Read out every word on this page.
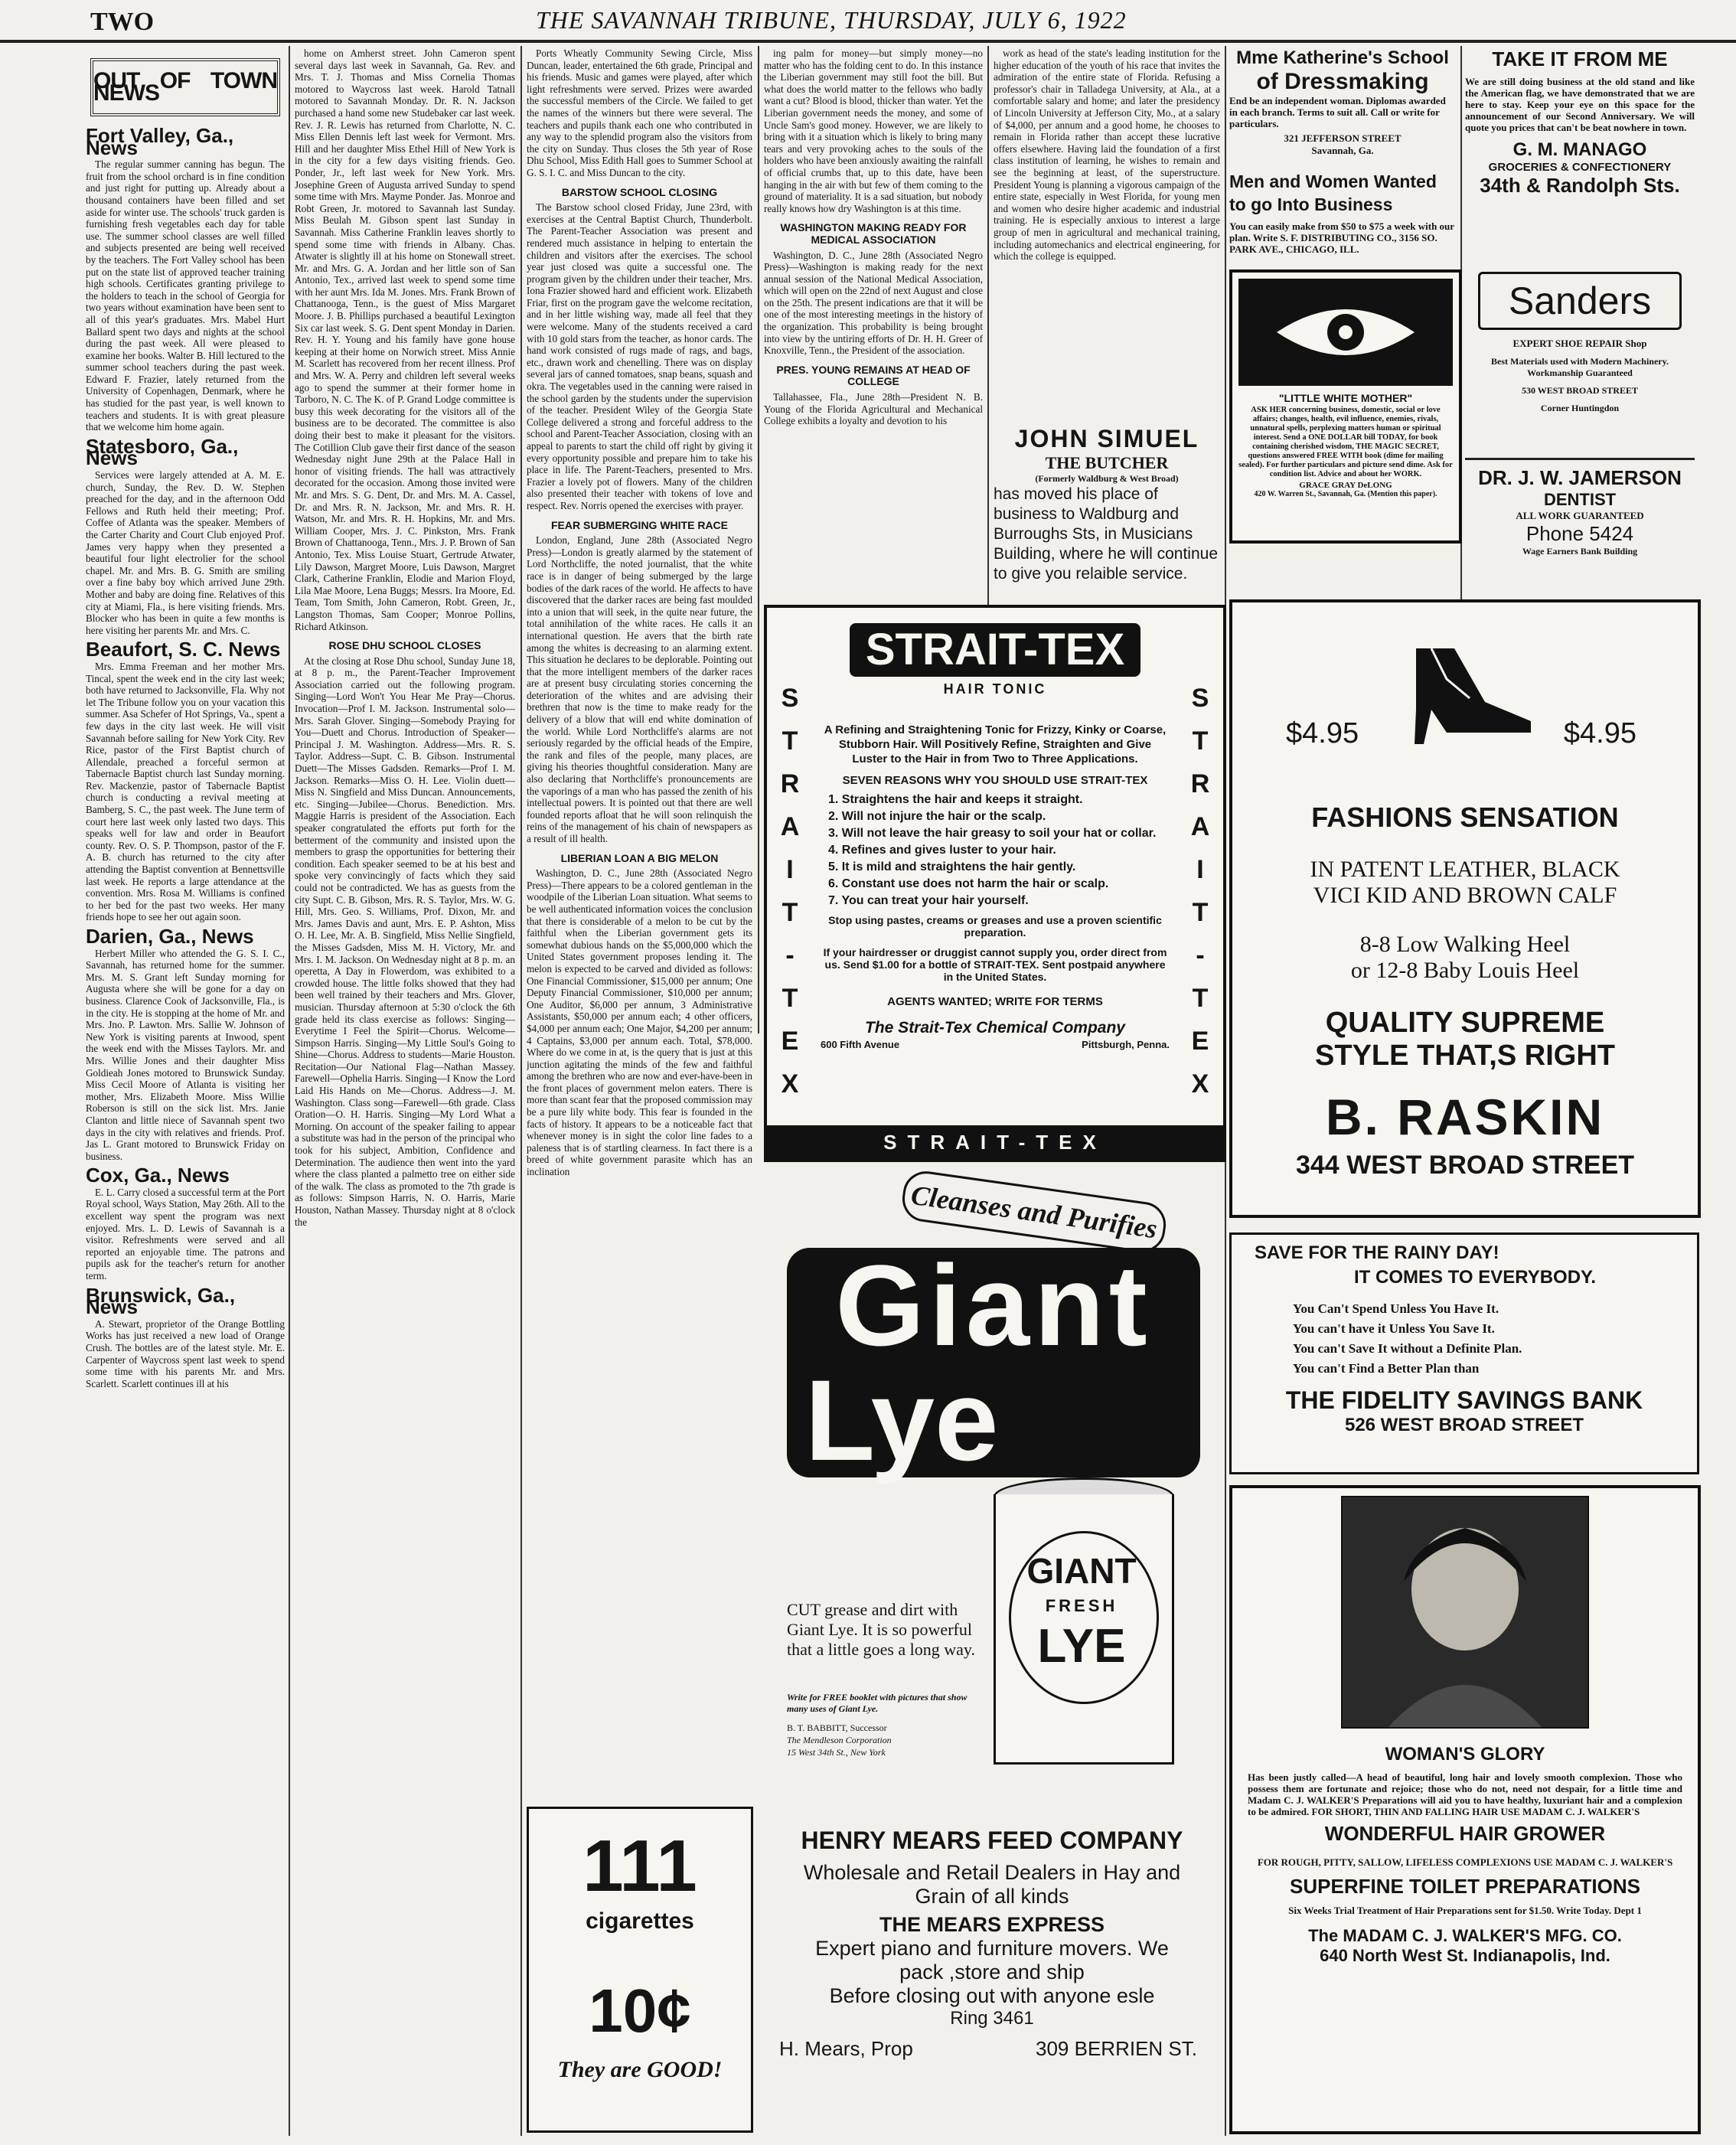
TWO	THE SAVANNAH TRIBUNE, THURSDAY, JULY 6, 1922
OUT OF TOWN NEWS
Fort Valley, Ga., News

The regular summer canning has begun. The fruit from the school orchard is in fine condition and just right for putting up. Already about a thousand containers have been filled and set aside for winter use. The schools' truck garden is furnishing fresh vegetables each day for table use. The summer school classes are well filled and subjects presented are being well received by the teachers. The Fort Valley school has been put on the state list of approved teacher training high schools. Certificates granting privilege to the holders to teach in the school of Georgia for two years without examination have been sent to all of this year's graduates. Mrs. Mabel Hurt Ballard spent two days and nights at the school during the past week. All were pleased to examine her books. Walter B. Hill lectured to the summer school teachers during the past week. Edward F. Frazier, lately returned from the University of Copenhagen, Denmark, where he has studied for the past year, is well known to teachers and students. It is with great pleasure that we welcome him home again.

Statesboro, Ga., News

Services were largely attended at A. M. E. church, Sunday, the Rev. D. W. Stephen preached for the day, and in the afternoon Odd Fellows and Ruth held their meeting; Prof. Coffee of Atlanta was the speaker. Members of the Carter Charity and Court Club enjoyed Prof. James very happy when they presented a beautiful four light electrolier for the school chapel. Mr. and Mrs. B. G. Smith are smiling over a fine baby boy which arrived June 29th. Mother and baby are doing fine. Relatives of this city at Miami, Fla., is here visiting friends. Mrs. Blocker who has been in quite a few months is here visiting her parents Mr. and Mrs. C.

Beaufort, S. C. News

Mrs. Emma Freeman and her mother Mrs. Tincal, spent the week end in the city last week; both have returned to Jacksonville, Fla. Why not let The Tribune follow you on your vacation this summer. Asa Schefer of Hot Springs, Va., spent a few days in the city last week. He will visit Savannah before sailing for New York City. Rev Rice, pastor of the First Baptist church of Allendale, preached a forceful sermon at Tabernacle Baptist church last Sunday morning. Rev. Mackenzie, pastor of Tabernacle Baptist church is conducting a revival meeting at Bamberg, S. C., the past week. The June term of court here last week only lasted two days. This speaks well for law and order in Beaufort county. Rev. O. S. P. Thompson, pastor of the F. A. B. church has returned to the city after attending the Baptist convention at Bennettsville last week. He reports a large attendance at the convention. Mrs. Rosa M. Williams is confined to her bed for the past two weeks. Her many friends hope to see her out again soon.

Darien, Ga., News

Herbert Miller who attended the G. S. I. C., Savannah, has returned home for the summer. Mrs. M. S. Grant left Sunday morning for Augusta where she will be gone for a day on business. Clarence Cook of Jacksonville, Fla., is in the city. He is stopping at the home of Mr. and Mrs. Jno. P. Lawton. Mrs. Sallie W. Johnson of New York is visiting parents at Inwood, spent the week end with the Misses Taylors. Mr. and Mrs. Willie Jones and their daughter Miss Goldieah Jones motored to Brunswick Sunday. Miss Cecil Moore of Atlanta is visiting her mother, Mrs. Elizabeth Moore. Miss Willie Roberson is still on the sick list. Mrs. Janie Clanton and little niece of Savannah spent two days in the city with relatives and friends. Prof. Jas L. Grant motored to Brunswick Friday on business.

Cox, Ga., News

E. L. Carry closed a successful term at the Port Royal school, Ways Station, May 26th. All to the excellent way spent the program was next enjoyed. Mrs. L. D. Lewis of Savannah is a visitor. Refreshments were served and all reported an enjoyable time. The patrons and pupils ask for the teacher's return for another term.

Brunswick, Ga., News

A. Stewart, proprietor of the Orange Bottling Works has just received a new load of Orange Crush. The bottles are of the latest style. Mr. E. Carpenter of Waycross spent last week to spend some time with his parents Mr. and Mrs. Scarlett. Scarlett continues ill at his

home on Amherst street. John Cameron spent several days last week in Savannah, Ga. Rev. and Mrs. T. J. Thomas and Miss Cornelia Thomas motored to Waycross last week. Harold Tatnall motored to Savannah Monday. Dr. R. N. Jackson purchased a hand some new Studebaker car last week. Rev. J. R. Lewis has returned from Charlotte, N. C. Miss Ellen Dennis left last week for Vermont. Mrs. Hill and her daughter Miss Ethel Hill of New York is in the city for a few days visiting friends. Geo. Ponder, Jr., left last week for New York. Mrs. Josephine Green of Augusta arrived Sunday to spend some time with Mrs. Mayme Ponder. Jas. Monroe and Robt Green, Jr. motored to Savannah last Sunday. Miss Beulah M. Gibson spent last Sunday in Savannah. Miss Catherine Franklin leaves shortly to spend some time with friends in Albany. Chas. Atwater is slightly ill at his home on Stonewall street. Mr. and Mrs. G. A. Jordan and her little son of San Antonio, Tex., arrived last week to spend some time with her aunt Mrs. Ida M. Jones. Mrs. Frank Brown of Chattanooga, Tenn., is the guest of Miss Margaret Moore. J. B. Phillips purchased a beautiful Lexington Six car last week. S. G. Dent spent Monday in Darien. Rev. H. Y. Young and his family have gone house keeping at their home on Norwich street. Miss Annie M. Scarlett has recovered from her recent illness. Prof and Mrs. W. A. Perry and children left several weeks ago to spend the summer at their former home in Tarboro, N. C. The K. of P. Grand Lodge committee is busy this week decorating for the visitors all of the business are to be decorated. The committee is also doing their best to make it pleasant for the visitors. The Cotillion Club gave their first dance of the season Wednesday night June 29th at the Palace Hall in honor of visiting friends. The hall was attractively decorated for the occasion. Among those invited were Mr. and Mrs. S. G. Dent, Dr. and Mrs. M. A. Cassel, Dr. and Mrs. R. N. Jackson, Mr. and Mrs. R. H. Watson, Mr. and Mrs. R. H. Hopkins, Mr. and Mrs. William Cooper, Mrs. J. C. Pinkston, Mrs. Frank Brown of Chattanooga, Tenn., Mrs. J. P. Brown of San Antonio, Tex. Miss Louise Stuart, Gertrude Atwater, Lily Dawson, Margret Moore, Luis Dawson, Margret Clark, Catherine Franklin, Elodie and Marion Floyd, Lila Mae Moore, Lena Buggs; Messrs. Ira Moore, Ed. Team, Tom Smith, John Cameron, Robt. Green, Jr., Langston Thomas, Sam Cooper; Monroe Pollins, Richard Atkinson.

ROSE DHU SCHOOL CLOSES

At the closing at Rose Dhu school, Sunday June 18, at 8 p. m., the Parent-Teacher Improvement Association carried out the following program. Singing—Lord Won't You Hear Me Pray—Chorus. Invocation—Prof I. M. Jackson. Instrumental solo—Mrs. Sarah Glover. Singing—Somebody Praying for You—Duett and Chorus. Introduction of Speaker—Principal J. M. Washington. Address—Mrs. R. S. Taylor. Address—Supt. C. B. Gibson. Instrumental Duett—The Misses Gadsden. Remarks—Prof I. M. Jackson. Remarks—Miss O. H. Lee. Violin duett—Miss N. Singfield and Miss Duncan. Announcements, etc. Singing—Jubilee—Chorus. Benediction. Mrs. Maggie Harris is president of the Association. Each speaker congratulated the efforts put forth for the betterment of the community and insisted upon the members to grasp the opportunities for bettering their condition. Each speaker seemed to be at his best and spoke very convincingly of facts which they said could not be contradicted. We has as guests from the city Supt. C. B. Gibson, Mrs. R. S. Taylor, Mrs. W. G. Hill, Mrs. Geo. S. Williams, Prof. Dixon, Mr. and Mrs. James Davis and aunt, Mrs. E. P. Ashton, Miss O. H. Lee, Mr. A. B. Singfield, Miss Nellie Singfield, the Misses Gadsden, Miss M. H. Victory, Mr. and Mrs. I. M. Jackson. On Wednesday night at 8 p. m. an operetta, A Day in Flowerdom, was exhibited to a crowded house. The little folks showed that they had been well trained by their teachers and Mrs. Glover, musician. Thursday afternoon at 5:30 o'clock the 6th grade held its class exercise as follows: Singing—Everytime I Feel the Spirit—Chorus. Welcome—Simpson Harris. Singing—My Little Soul's Going to Shine—Chorus. Address to students—Marie Houston. Recitation—Our National Flag—Nathan Massey. Farewell—Ophelia Harris. Singing—I Know the Lord Laid His Hands on Me—Chorus. Address—J. M. Washington. Class song—Farewell—6th grade. Class Oration—O. H. Harris. Singing—My Lord What a Morning. On account of the speaker failing to appear a substitute was had in the person of the principal who took for his subject, Ambition, Confidence and Determination. The audience then went into the yard where the class planted a palmetto tree on either side of the walk. The class as promoted to the 7th grade is as follows: Simpson Harris, N. O. Harris, Marie Houston, Nathan Massey. Thursday night at 8 o'clock the

Ports Wheatly Community Sewing Circle, Miss Duncan, leader, entertained the 6th grade, Principal and his friends. Music and games were played, after which light refreshments were served. Prizes were awarded the successful members of the Circle. We failed to get the names of the winners but there were several. The teachers and pupils thank each one who contributed in any way to the splendid program also the visitors from the city on Sunday. Thus closes the 5th year of Rose Dhu School, Miss Edith Hall goes to Summer School at G. S. I. C. and Miss Duncan to the city.

BARSTOW SCHOOL CLOSING

The Barstow school closed Friday, June 23rd, with exercises at the Central Baptist Church, Thunderbolt. The Parent-Teacher Association was present and rendered much assistance in helping to entertain the children and visitors after the exercises. The school year just closed was quite a successful one. The program given by the children under their teacher, Mrs. Iona Frazier showed hard and efficient work. Elizabeth Friar, first on the program gave the welcome recitation, and in her little wishing way, made all feel that they were welcome. Many of the students received a card with 10 gold stars from the teacher, as honor cards. The hand work consisted of rugs made of rags, and bags, etc., drawn work and chenelling. There was on display several jars of canned tomatoes, snap beans, squash and okra. The vegetables used in the canning were raised in the school garden by the students under the supervision of the teacher. President Wiley of the Georgia State College delivered a strong and forceful address to the school and Parent-Teacher Association, closing with an appeal to parents to start the child off right by giving it every opportunity possible and prepare him to take his place in life. The Parent-Teachers, presented to Mrs. Frazier a lovely pot of flowers. Many of the children also presented their teacher with tokens of love and respect. Rev. Norris opened the exercises with prayer.

FEAR SUBMERGING WHITE RACE

London, England, June 28th (Associated Negro Press)—London is greatly alarmed by the statement of Lord Northcliffe, the noted journalist, that the white race is in danger of being submerged by the large bodies of the dark races of the world. He affects to have discovered that the darker races are being fast moulded into a union that will seek, in the quite near future, the total annihilation of the white races. He calls it an international question. He avers that the birth rate among the whites is decreasing to an alarming extent. This situation he declares to be deplorable. Pointing out that the more intelligent members of the darker races are at present busy circulating stories concerning the deterioration of the whites and are advising their brethren that now is the time to make ready for the delivery of a blow that will end white domination of the world. While Lord Northcliffe's alarms are not seriously regarded by the official heads of the Empire, the rank and files of the people, many places, are giving his theories thoughtful consideration. Many are also declaring that Northcliffe's pronouncements are the vaporings of a man who has passed the zenith of his intellectual powers. It is pointed out that there are well founded reports afloat that he will soon relinquish the reins of the management of his chain of newspapers as a result of ill health.

LIBERIAN LOAN A BIG MELON

Washington, D. C., June 28th (Associated Negro Press)—There appears to be a colored gentleman in the woodpile of the Liberian Loan situation. What seems to be well authenticated information voices the conclusion that there is considerable of a melon to be cut by the faithful when the Liberian government gets its somewhat dubious hands on the $5,000,000 which the United States government proposes lending it. The melon is expected to be carved and divided as follows: One Financial Commissioner, $15,000 per annum; One Deputy Financial Commissioner, $10,000 per annum; One Auditor, $6,000 per annum, 3 Administrative Assistants, $50,000 per annum each; 4 other officers, $4,000 per annum each; One Major, $4,200 per annum; 4 Captains, $3,000 per annum each. Total, $78,000. Where do we come in at, is the query that is just at this junction agitating the minds of the few and faithful among the brethren who are now and ever-have-been in the front places of government melon eaters. There is more than scant fear that the proposed commission may be a pure lily white body. This fear is founded in the facts of history. It appears to be a noticeable fact that whenever money is in sight the color line fades to a paleness that is of startling clearness. In fact there is a breed of white government parasite which has an inclination

ing palm for money—but simply money—no matter who has the folding cent to do. In this instance the Liberian government may still foot the bill. But what does the world matter to the fellows who badly want a cut? Blood is blood, thicker than water. Yet the Liberian government needs the money, and some of Uncle Sam's good money. However, we are likely to bring with it a situation which is likely to bring many tears and very provoking aches to the souls of the holders who have been anxiously awaiting the rainfall of official crumbs that, up to this date, have been hanging in the air with but few of them coming to the ground of materiality. It is a sad situation, but nobody really knows how dry Washington is at this time.

WASHINGTON MAKING READY FOR MEDICAL ASSOCIATION

Washington, D. C., June 28th (Associated Negro Press)—Washington is making ready for the next annual session of the National Medical Association, which will open on the 22nd of next August and close on the 25th. The present indications are that it will be one of the most interesting meetings in the history of the organization. This probability is being brought into view by the untiring efforts of Dr. H. H. Greer of Knoxville, Tenn., the President of the association.

PRES. YOUNG REMAINS AT HEAD OF COLLEGE

Tallahassee, Fla., June 28th—President N. B. Young of the Florida Agricultural and Mechanical College exhibits a loyalty and devotion to his

work as head of the state's leading institution for the higher education of the youth of his race that invites the admiration of the entire state of Florida. Refusing a professor's chair in Talladega University, at Ala., at a comfortable salary and home; and later the presidency of Lincoln University at Jefferson City, Mo., at a salary of $4,000, per annum and a good home, he chooses to remain in Florida rather than accept these lucrative offers elsewhere. Having laid the foundation of a first class institution of learning, he wishes to remain and see the beginning at least, of the superstructure. President Young is planning a vigorous campaign of the entire state, especially in West Florida, for young men and women who desire higher academic and industrial training. He is especially anxious to interest a large group of men in agricultural and mechanical training, including automechanics and electrical engineering, for which the college is equipped.

JOHN SIMUEL
THE BUTCHER
(Formerly Waldburg & West Broad)
has moved his place of business to Waldburg and Burroughs Sts, in Musicians Building, where he will continue to give you relaible service.
STRAIT-TEX
HAIR TONIC
S
T
R
A
I
T
-
T
E
X
S
T
R
A
I
T
-
T
E
X
A Refining and Straightening Tonic for Frizzy, Kinky or Coarse, Stubborn Hair. Will Positively Refine, Straighten and Give Luster to the Hair in from Two to Three Applications.
SEVEN REASONS WHY YOU SHOULD USE STRAIT-TEX
1. Straightens the hair and keeps it straight.
2. Will not injure the hair or the scalp.
3. Will not leave the hair greasy to soil your hat or collar.
4. Refines and gives luster to your hair.
5. It is mild and straightens the hair gently.
6. Constant use does not harm the hair or scalp.
7. You can treat your hair yourself.
Stop using pastes, creams or greases and use a proven scientific preparation.
If your hairdresser or druggist cannot supply you, order direct from us. Send $1.00 for a bottle of STRAIT-TEX. Sent postpaid anywhere in the United States.
AGENTS WANTED; WRITE FOR TERMS
The Strait-Tex Chemical Company
600 Fifth Avenue	Pittsburgh, Penna.
STRAIT-TEX
Cleanses and Purifies
Giant
Lye
GIANT
FRESH
LYE
CUT grease and dirt with Giant Lye. It is so powerful that a little goes a long way.
Write for FREE booklet with pictures that show many uses of Giant Lye.
B. T. BABBITT, Successor
The Mendleson Corporation
15 West 34th St., New York
111
cigarettes
10¢
They are GOOD!
HENRY MEARS FEED COMPANY
Wholesale and Retail Dealers in Hay and
Grain of all kinds
THE MEARS EXPRESS
Expert piano and furniture movers. We
pack ,store and ship
Before closing out with anyone esle
Ring 3461
H. Mears, Prop	309 BERRIEN ST.
Mme Katherine's School
of Dressmaking
End be an independent woman. Diplomas awarded in each branch. Terms to suit all. Call or write for particulars.
321 JEFFERSON STREET
Savannah, Ga.
Men and Women Wanted to go Into Business
You can easily make from $50 to $75 a week with our plan. Write S. F. DISTRIBUTING CO., 3156 SO. PARK AVE., CHICAGO, ILL.
"LITTLE WHITE MOTHER"
ASK HER concerning business, domestic, social or love affairs; changes, health, evil influence, enemies, rivals, unnatural spells, perplexing matters human or spiritual interest. Send a ONE DOLLAR bill TODAY, for book containing cherished wisdom, THE MAGIC SECRET, questions answered FREE WITH book (dime for mailing sealed). For further particulars and picture send dime. Ask for condition list. Advice and about her WORK.
GRACE GRAY DeLONG
420 W. Warren St., Savannah, Ga. (Mention this paper).
TAKE IT FROM ME
We are still doing business at the old stand and like the American flag, we have demonstrated that we are here to stay. Keep your eye on this space for the announcement of our Second Anniversary. We will quote you prices that can't be beat nowhere in town.
G. M. MANAGO
GROCERIES & CONFECTIONERY
34th & Randolph Sts.
Sanders
EXPERT SHOE REPAIR Shop
Best Materials used with Modern Machinery. Workmanship Guaranteed
530 WEST BROAD STREET
Corner Huntingdon
DR. J. W. JAMERSON
DENTIST
ALL WORK GUARANTEED
Phone 5424
Wage Earners Bank Building
$4.95	$4.95
FASHIONS SENSATION
IN PATENT LEATHER, BLACK
VICI KID AND BROWN CALF
8-8 Low Walking Heel
or 12-8 Baby Louis Heel
QUALITY SUPREME
STYLE THAT,S RIGHT
B. RASKIN
344 WEST BROAD STREET
SAVE FOR THE RAINY DAY!
IT COMES TO EVERYBODY.
You Can't Spend Unless You Have It.
You can't have it Unless You Save It.
You can't Save It without a Definite Plan.
You can't Find a Better Plan than
THE FIDELITY SAVINGS BANK
526 WEST BROAD STREET
WOMAN'S GLORY
Has been justly called—A head of beautiful, long hair and lovely smooth complexion. Those who possess them are fortunate and rejoice; those who do not, need not despair, for a little time and Madam C. J. WALKER'S Preparations will aid you to have healthy, luxuriant hair and a complexion to be admired. FOR SHORT, THIN AND FALLING HAIR USE MADAM C. J. WALKER'S
WONDERFUL HAIR GROWER
FOR ROUGH, PITTY, SALLOW, LIFELESS COMPLEXIONS USE MADAM C. J. WALKER'S
SUPERFINE TOILET PREPARATIONS
Six Weeks Trial Treatment of Hair Preparations sent for $1.50. Write Today. Dept 1
The MADAM C. J. WALKER'S MFG. CO.
640 North West St. Indianapolis, Ind.
